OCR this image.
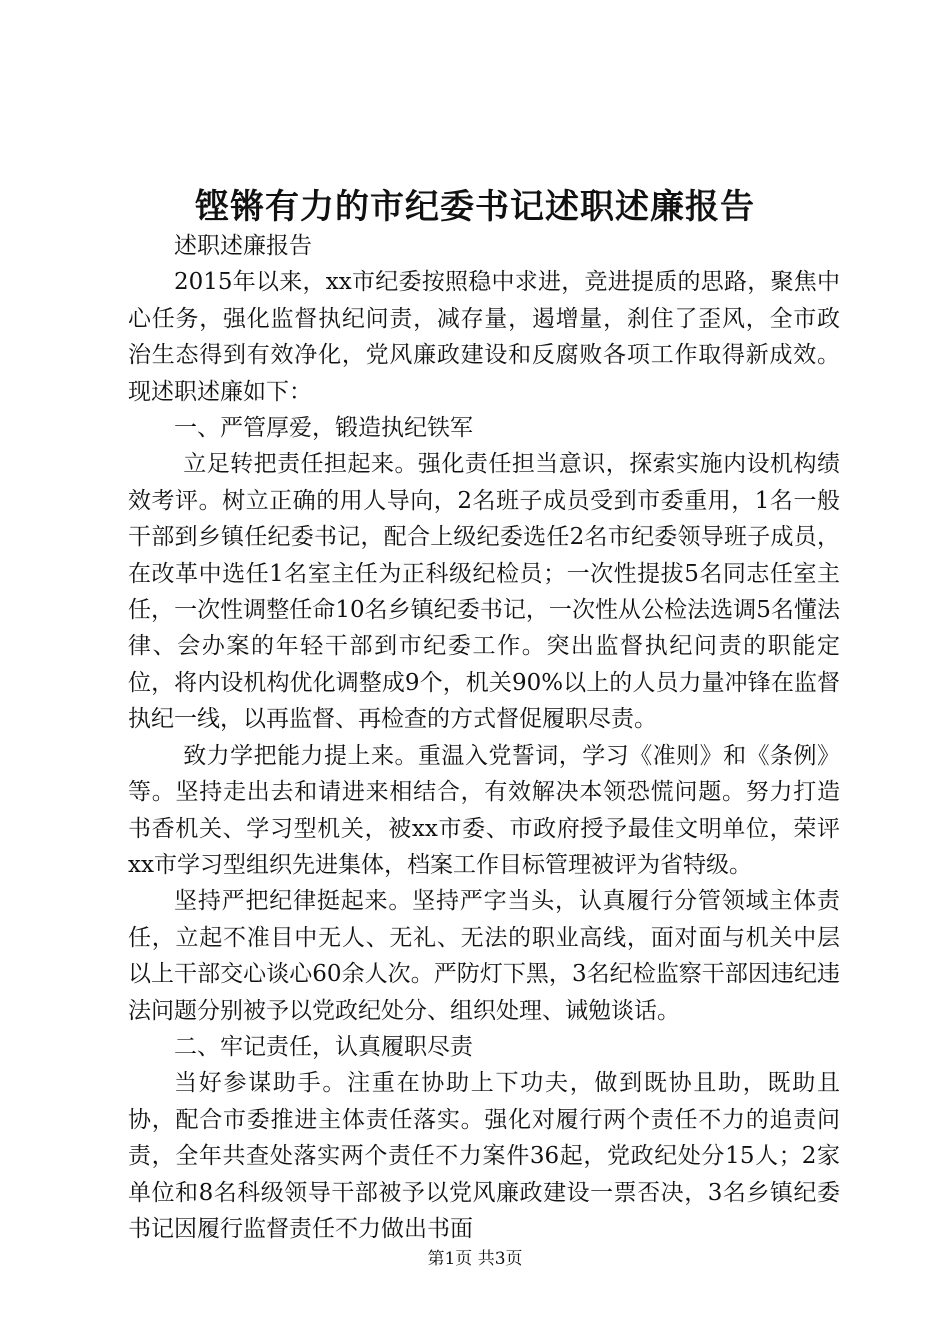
铿锵有力的市纪委书记述职述廉报告

述职述廉报告

2015年以来，xx市纪委按照稳中求进，竞进提质的思路，聚焦中心任务，强化监督执纪问责，减存量，遏增量，刹住了歪风，全市政治生态得到有效净化，党风廉政建设和反腐败各项工作取得新成效。现述职述廉如下：

一、严管厚爱，锻造执纪铁军

立足转把责任担起来。强化责任担当意识，探索实施内设机构绩效考评。树立正确的用人导向，2名班子成员受到市委重用，1名一般干部到乡镇任纪委书记，配合上级纪委选任2名市纪委领导班子成员，在改革中选任1名室主任为正科级纪检员；一次性提拔5名同志任室主任，一次性调整任命10名乡镇纪委书记，一次性从公检法选调5名懂法律、会办案的年轻干部到市纪委工作。突出监督执纪问责的职能定位，将内设机构优化调整成9个，机关90%以上的人员力量冲锋在监督执纪一线，以再监督、再检查的方式督促履职尽责。

致力学把能力提上来。重温入党誓词，学习《准则》和《条例》等。坚持走出去和请进来相结合，有效解决本领恐慌问题。努力打造书香机关、学习型机关，被xx市委、市政府授予最佳文明单位，荣评xx市学习型组织先进集体，档案工作目标管理被评为省特级。

坚持严把纪律挺起来。坚持严字当头，认真履行分管领域主体责任，立起不准目中无人、无礼、无法的职业高线，面对面与机关中层以上干部交心谈心60余人次。严防灯下黑，3名纪检监察干部因违纪违法问题分别被予以党政纪处分、组织处理、诫勉谈话。

二、牢记责任，认真履职尽责

当好参谋助手。注重在协助上下功夫，做到既协且助，既助且协，配合市委推进主体责任落实。强化对履行两个责任不力的追责问责，全年共查处落实两个责任不力案件36起，党政纪处分15人；2家单位和8名科级领导干部被予以党风廉政建设一票否决，3名乡镇纪委书记因履行监督责任不力做出书面

第1页 共3页
